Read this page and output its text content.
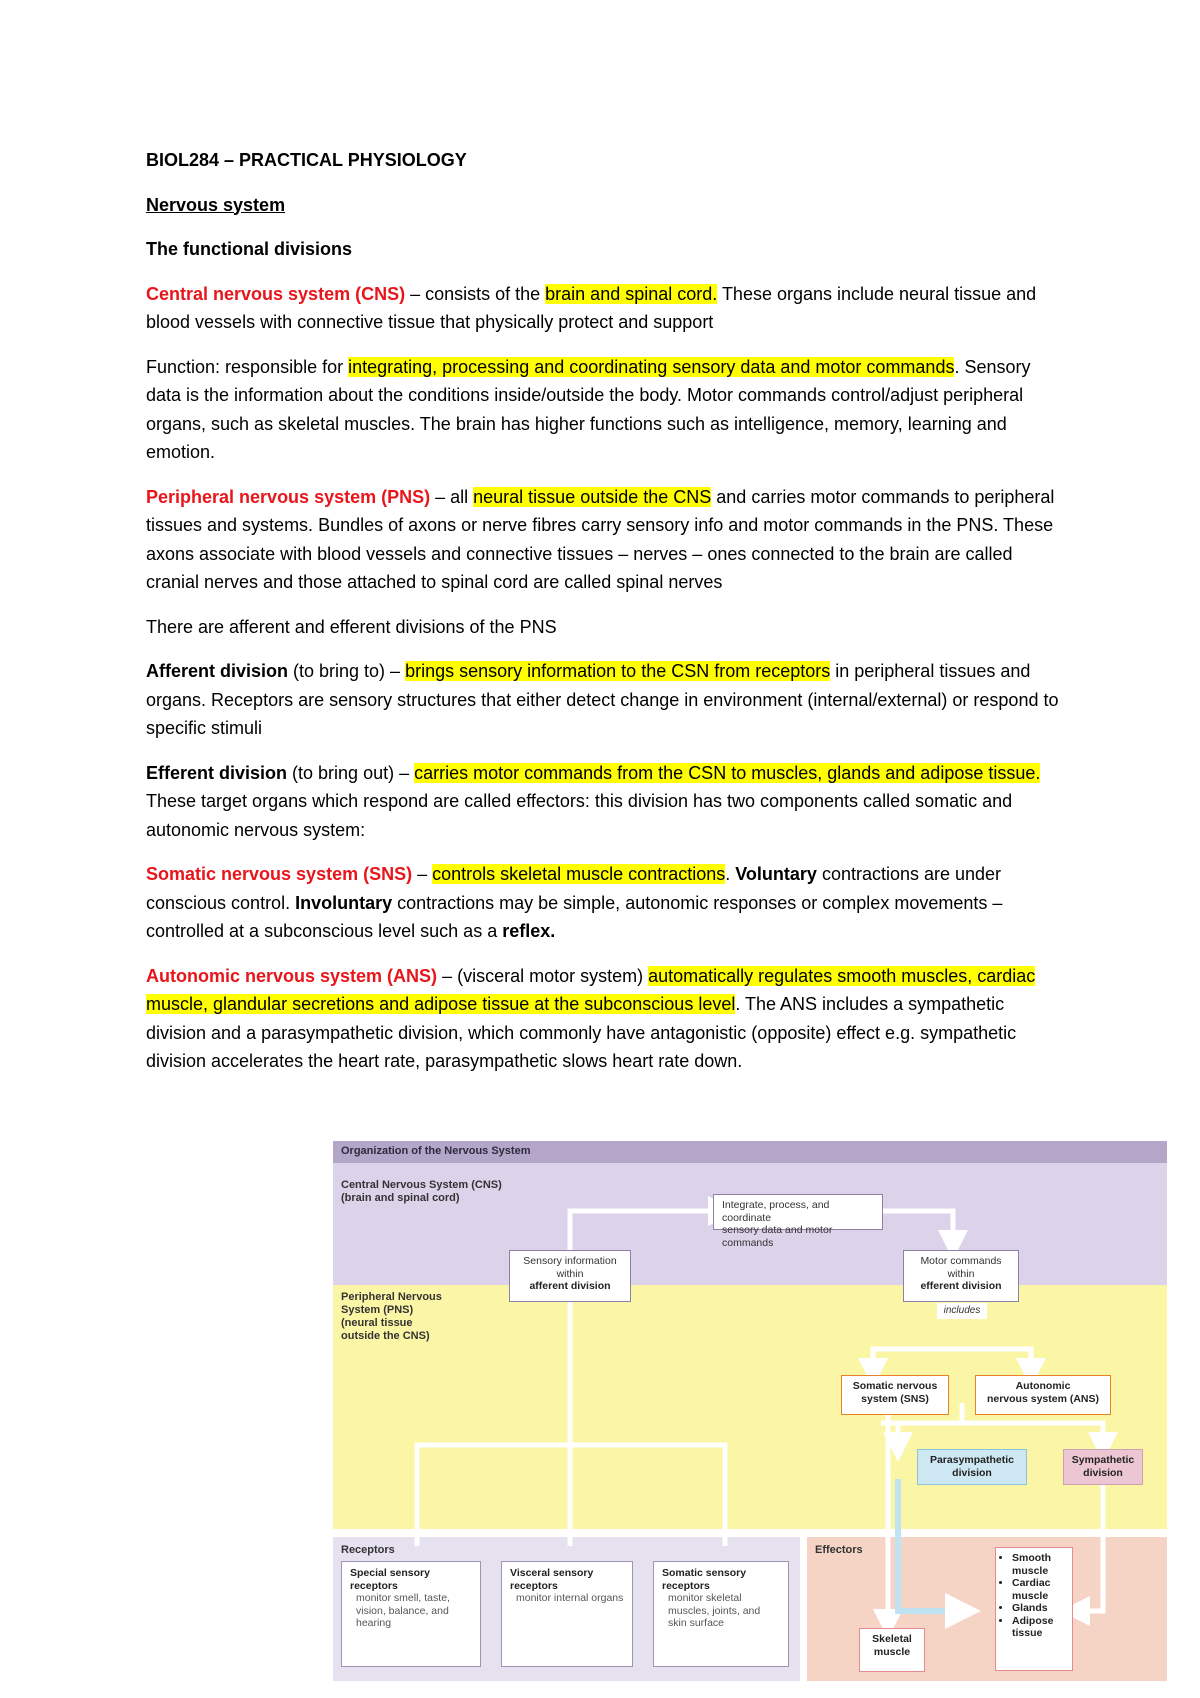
BIOL284 – PRACTICAL PHYSIOLOGY

Nervous system

The functional divisions

Central nervous system (CNS) – consists of the brain and spinal cord. These organs include neural tissue and blood vessels with connective tissue that physically protect and support

Function: responsible for integrating, processing and coordinating sensory data and motor commands. Sensory data is the information about the conditions inside/outside the body. Motor commands control/adjust peripheral organs, such as skeletal muscles. The brain has higher functions such as intelligence, memory, learning and emotion.

Peripheral nervous system (PNS) – all neural tissue outside the CNS and carries motor commands to peripheral tissues and systems. Bundles of axons or nerve fibres carry sensory info and motor commands in the PNS. These axons associate with blood vessels and connective tissues – nerves – ones connected to the brain are called cranial nerves and those attached to spinal cord are called spinal nerves

There are afferent and efferent divisions of the PNS

Afferent division (to bring to) – brings sensory information to the CSN from receptors in peripheral tissues and organs. Receptors are sensory structures that either detect change in environment (internal/external) or respond to specific stimuli

Efferent division (to bring out) – carries motor commands from the CSN to muscles, glands and adipose tissue. These target organs which respond are called effectors: this division has two components called somatic and autonomic nervous system:

Somatic nervous system (SNS) – controls skeletal muscle contractions. Voluntary contractions are under conscious control. Involuntary contractions may be simple, autonomic responses or complex movements – controlled at a subconscious level such as a reflex.

Autonomic nervous system (ANS) – (visceral motor system) automatically regulates smooth muscles, cardiac muscle, glandular secretions and adipose tissue at the subconscious level. The ANS includes a sympathetic division and a parasympathetic division, which commonly have antagonistic (opposite) effect e.g. sympathetic division accelerates the heart rate, parasympathetic slows heart rate down.

Organization of the Nervous System
Central Nervous System (CNS)
(brain and spinal cord)
Peripheral Nervous
System (PNS)
(neural tissue
outside the CNS)
Integrate, process, and coordinate
sensory data and motor commands
Sensory information
within
afferent division
Motor commands
within
efferent division
includes
Somatic nervous
system (SNS)
Autonomic
nervous system (ANS)
Parasympathetic
division
Sympathetic
division
Receptors	Effectors
Special sensory
receptors
monitor smell, taste, vision, balance, and hearing
Visceral sensory
receptors
monitor internal organs
Somatic sensory
receptors
monitor skeletal muscles, joints, and skin surface
Skeletal
muscle
• Smooth muscle
• Cardiac muscle
• Glands
• Adipose tissue
